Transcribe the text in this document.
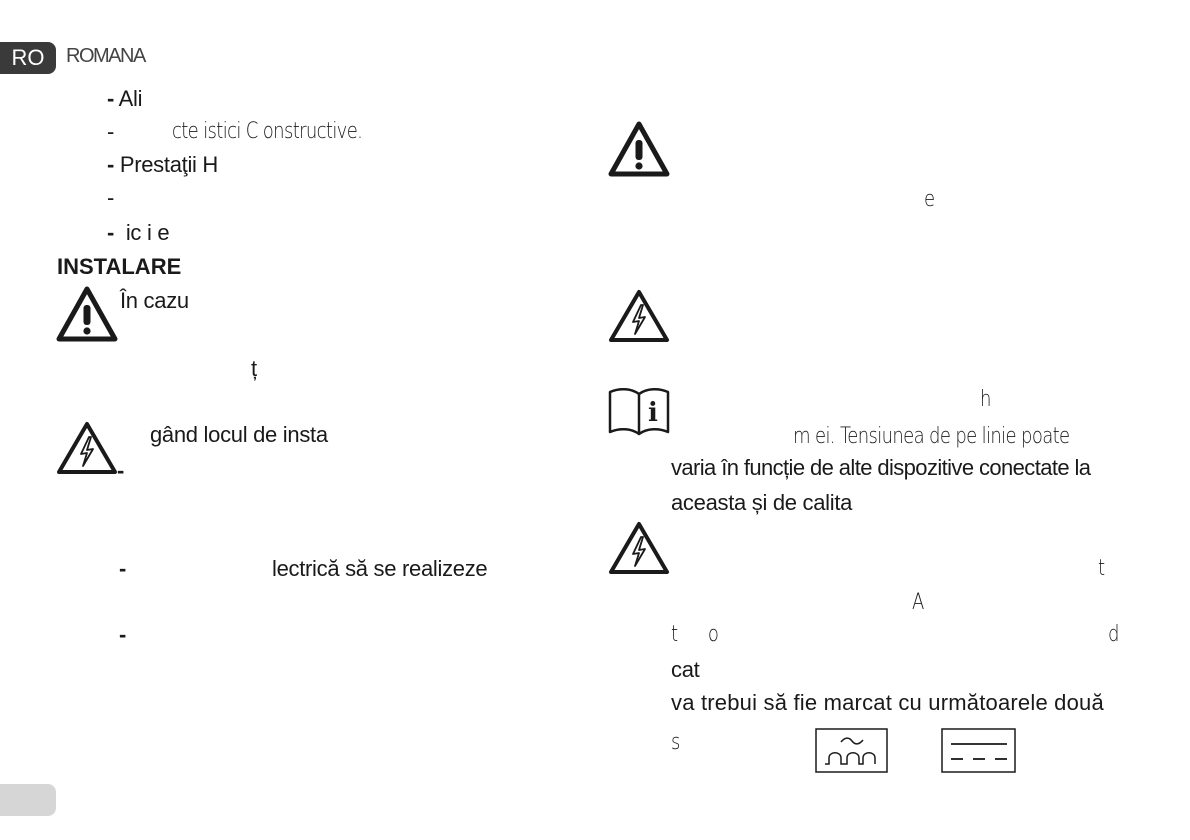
RO	ROMANA
- Ali
-	cte istici C onstructive.
- Prestaţii H
-
- ic i e
INSTALARE
În cazu
ț
gând locul de insta
-
-	lectrică să se realizeze
-
e
i	h
m ei. Tensiunea de pe linie poate
varia în funcție de alte dispozitive conectate la
aceasta și de calita
t
A
t      o	d
cat
va trebui să fie marcat cu următoarele două
s
